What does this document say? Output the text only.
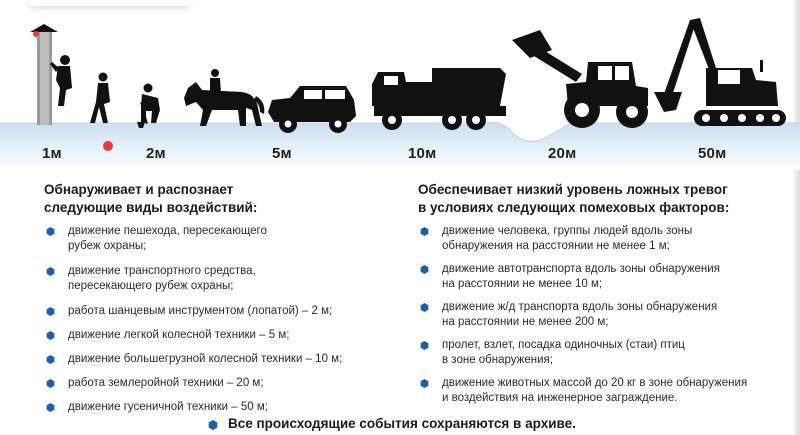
1м	2м	5м	10м	20м	50м
Обнаруживает и распознает
следующие виды воздействий:
движение пешехода, пересекающего
рубеж охраны;
движение транспортного средства,
пересекающего рубеж охраны;
работа шанцевым инструментом (лопатой) – 2 м;
движение легкой колесной техники – 5 м;
движение большегрузной колесной техники – 10 м;
работа землеройной техники – 20 м;
движение гусеничной техники – 50 м;
Обеспечивает низкий уровень ложных тревог
в условиях следующих помеховых факторов:
движение человека, группы людей вдоль зоны
обнаружения на расстоянии не менее 1 м;
движение автотранспорта вдоль зоны обнаружения
на расстоянии не менее 10 м;
движение ж/д транспорта вдоль зоны обнаружения
на расстоянии не менее 200 м;
пролет, взлет, посадка одиночных (стаи) птиц
в зоне обнаружения;
движение животных массой до 20 кг в зоне обнаружения
и воздействия на инженерное заграждение.
Все происходящие события сохраняются в архиве.
